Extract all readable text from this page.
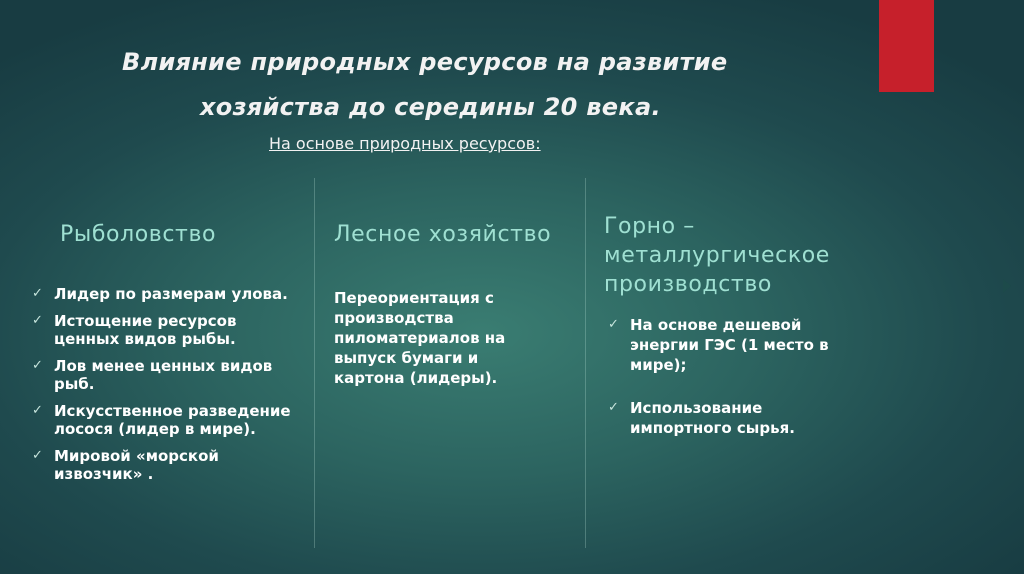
Влияние природных ресурсов на развитие
хозяйства до середины 20 века.
На основе природных ресурсов:
Рыболовство
✓ Лидер по размерам улова.
✓ Истощение ресурсов ценных видов рыбы.
✓ Лов менее ценных видов рыб.
✓ Искусственное разведение лосося (лидер в мире).
✓ Мировой «морской извозчик» .
Лесное хозяйство
Переориентация с производства пиломатериалов на выпуск бумаги и картона (лидеры).
Горно – металлургическое производство
✓ На основе дешевой энергии ГЭС (1 место в мире);
✓ Использование импортного сырья.
